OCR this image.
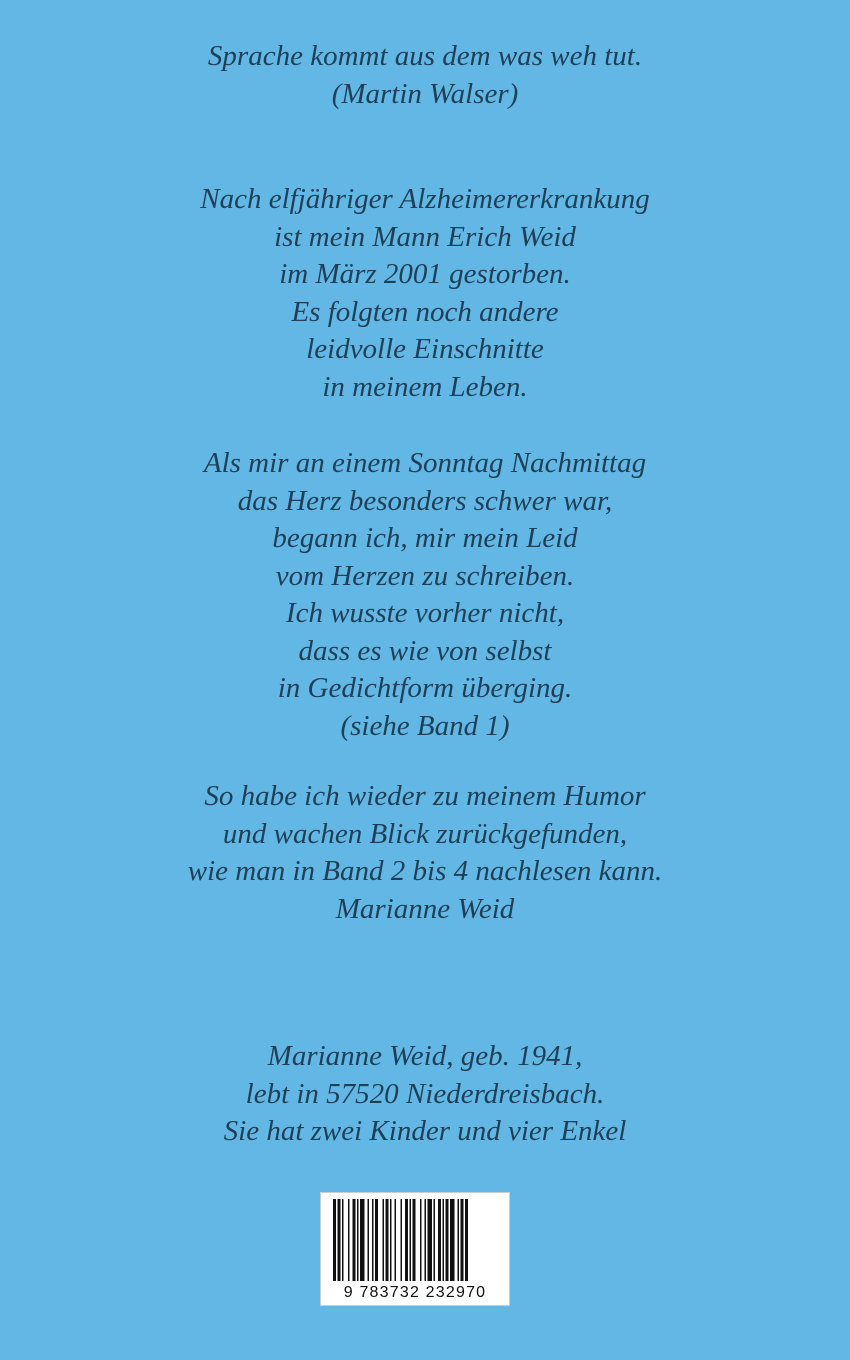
Sprache kommt aus dem was weh tut.
(Martin Walser)
Nach elfjähriger Alzheimererkrankung
ist mein Mann Erich Weid
im März 2001 gestorben.
Es folgten noch andere
leidvolle Einschnitte
in meinem Leben.
Als mir an einem Sonntag Nachmittag
das Herz besonders schwer war,
begann ich, mir mein Leid
vom Herzen zu schreiben.
Ich wusste vorher nicht,
dass es wie von selbst
in Gedichtform überging.
(siehe Band 1)
So habe ich wieder zu meinem Humor
und wachen Blick zurückgefunden,
wie man in Band 2 bis 4 nachlesen kann.
Marianne Weid
Marianne Weid, geb. 1941,
lebt in 57520 Niederdreisbach.
Sie hat zwei Kinder und vier Enkel
9 783732 232970
